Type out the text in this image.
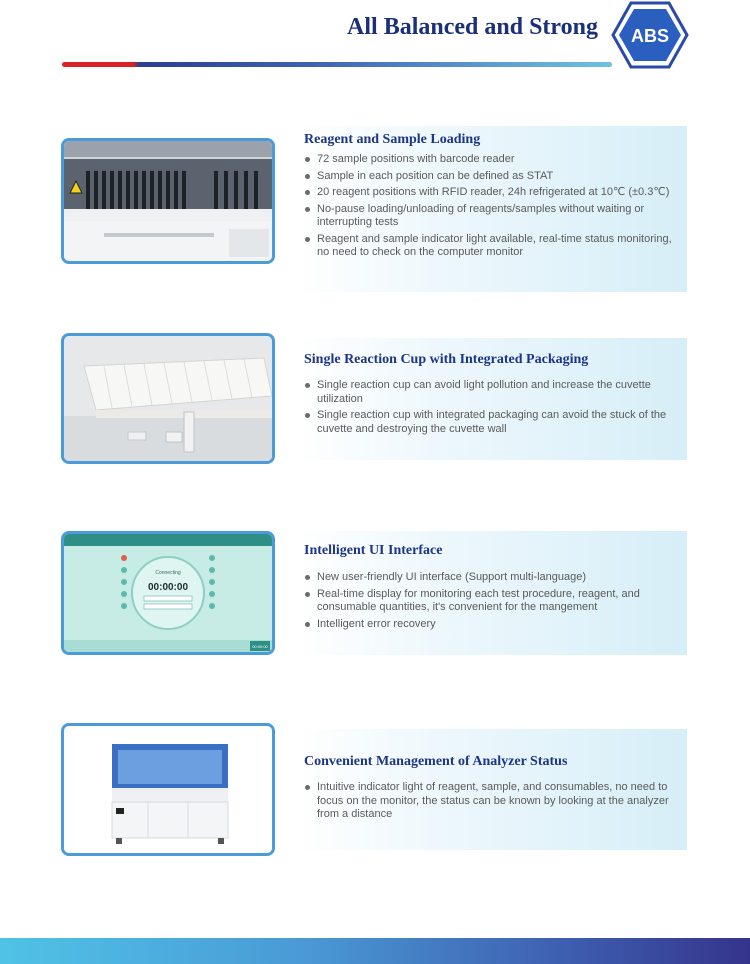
All Balanced and Strong ABS
Reagent and Sample Loading
72 sample positions with barcode reader
Sample in each position can be defined as STAT
20 reagent positions with RFID reader, 24h refrigerated at 10℃ (±0.3℃)
No-pause loading/unloading of reagents/samples without waiting or interrupting tests
Reagent and sample indicator light available, real-time status monitoring, no need to check on the computer monitor
Single Reaction Cup with Integrated Packaging
Single reaction cup can avoid light pollution and increase the cuvette utilization
Single reaction cup with integrated packaging can avoid the stuck of the cuvette and destroying the cuvette wall
Connecting
00:00:00
00:00:00
Intelligent UI Interface
New user-friendly UI interface (Support multi-language)
Real-time display for monitoring each test procedure, reagent, and consumable quantities, it's convenient for the mangement
Intelligent error recovery
Convenient Management of Analyzer Status
Intuitive indicator light of reagent, sample, and consumables, no need to focus on the monitor, the status can be known by looking at the analyzer from a distance
